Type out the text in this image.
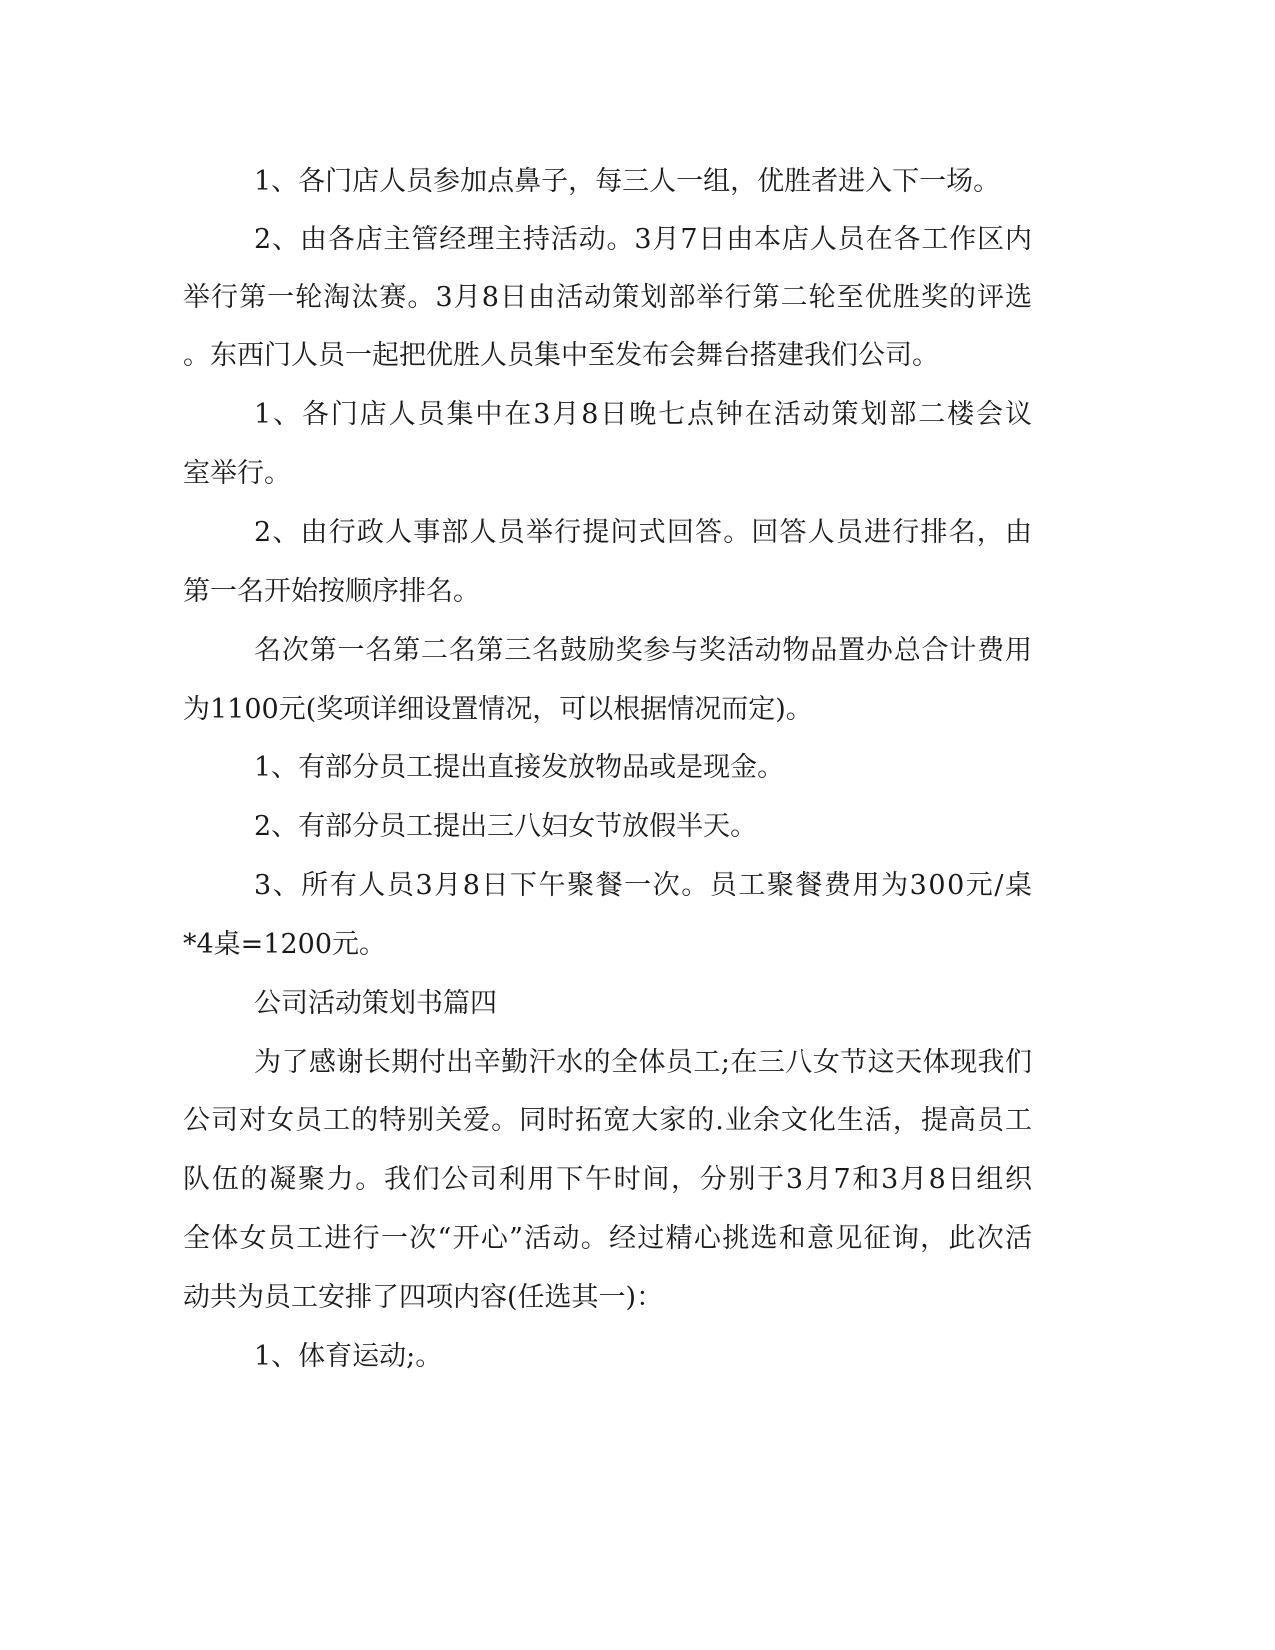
1、各门店人员参加点鼻子，每三人一组，优胜者进入下一场。
2、由各店主管经理主持活动。3月7日由本店人员在各工作区内
举行第一轮淘汰赛。3月8日由活动策划部举行第二轮至优胜奖的评选
。东西门人员一起把优胜人员集中至发布会舞台搭建我们公司。
1、各门店人员集中在3月8日晚七点钟在活动策划部二楼会议
室举行。
2、由行政人事部人员举行提问式回答。回答人员进行排名，由
第一名开始按顺序排名。
名次第一名第二名第三名鼓励奖参与奖活动物品置办总合计费用
为1100元(奖项详细设置情况，可以根据情况而定)。
1、有部分员工提出直接发放物品或是现金。
2、有部分员工提出三八妇女节放假半天。
3、所有人员3月8日下午聚餐一次。员工聚餐费用为300元/桌
*4桌=1200元。
公司活动策划书篇四
为了感谢长期付出辛勤汗水的全体员工;在三八女节这天体现我们
公司对女员工的特别关爱。同时拓宽大家的.业余文化生活，提高员工
队伍的凝聚力。我们公司利用下午时间，分别于3月7和3月8日组织
全体女员工进行一次“开心”活动。经过精心挑选和意见征询，此次活
动共为员工安排了四项内容(任选其一)：
1、体育运动;。
